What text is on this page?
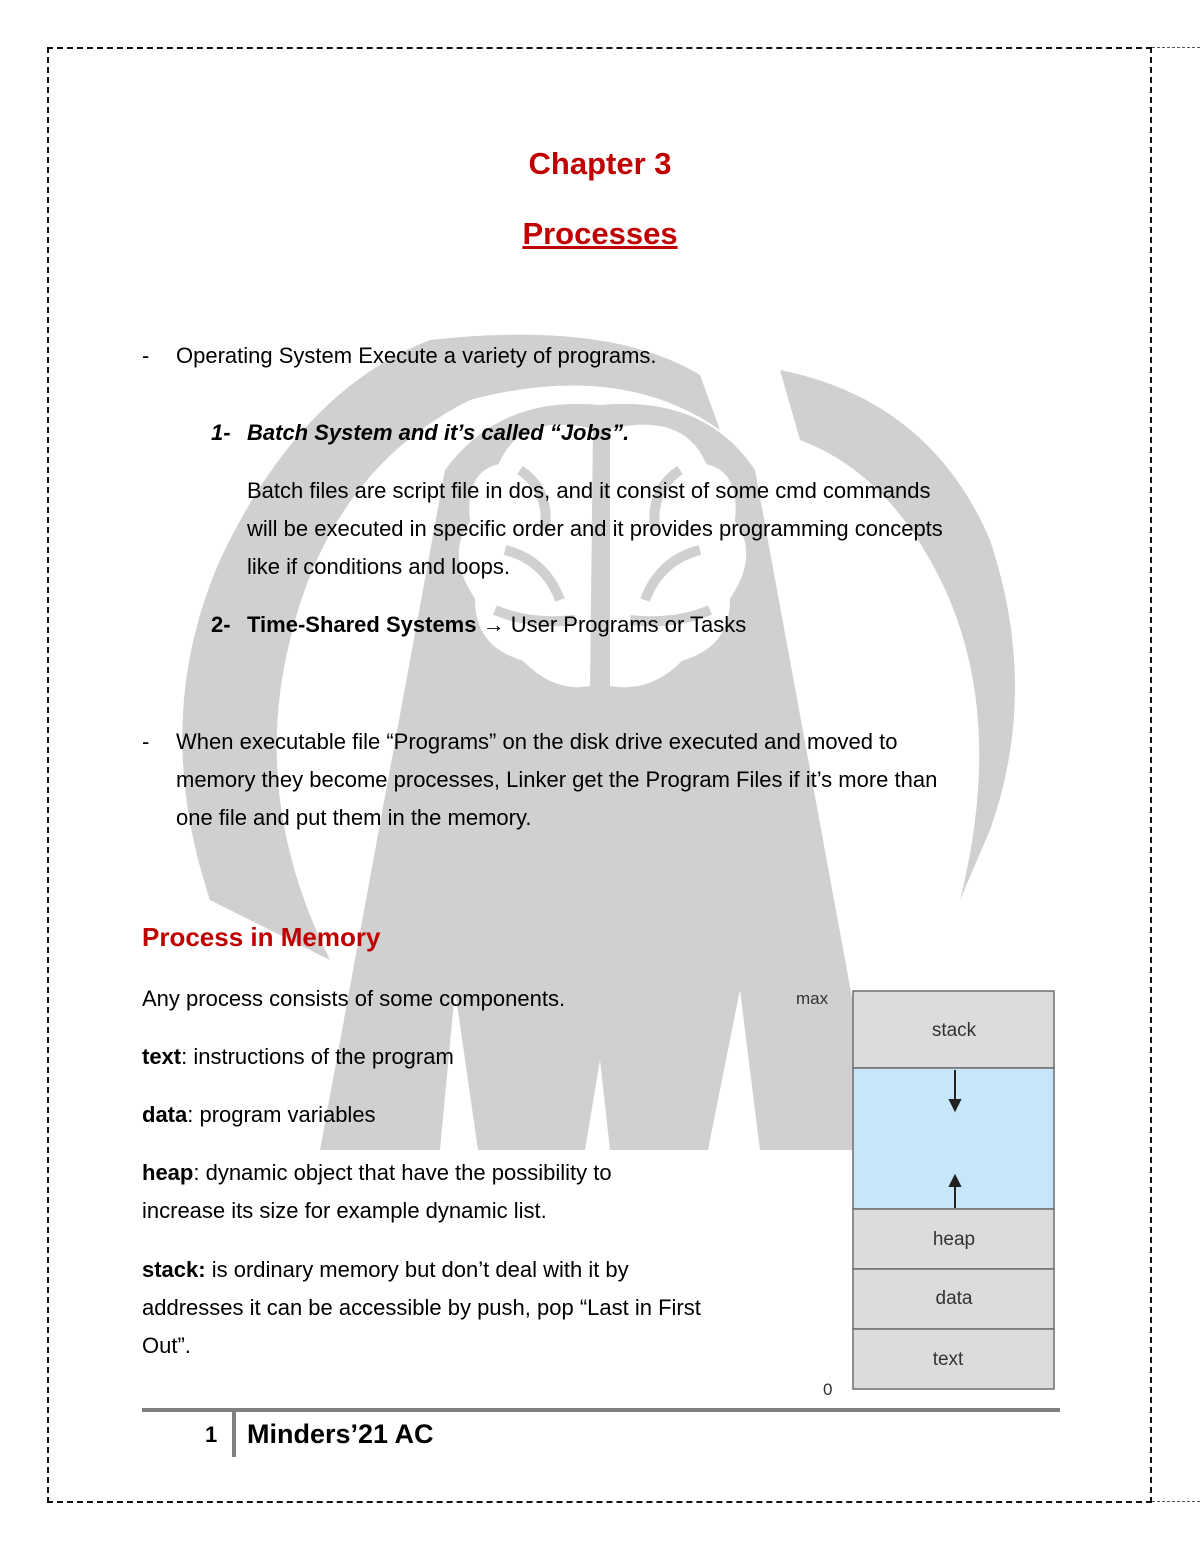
Chapter 3
Processes
- Operating System Execute a variety of programs.
1- Batch System and it’s called “Jobs”.
Batch files are script file in dos, and it consist of some cmd commands
will be executed in specific order and it provides programming concepts
like if conditions and loops.
2- Time-Shared Systems → User Programs or Tasks
- When executable file “Programs” on the disk drive executed and moved to
memory they become processes, Linker get the Program Files if it’s more than
one file and put them in the memory.
Process in Memory
Any process consists of some components.
text: instructions of the program
data: program variables
heap: dynamic object that have the possibility to
increase its size for example dynamic list.
stack: is ordinary memory but don’t deal with it by
addresses it can be accessible by push, pop “Last in First
Out”.
stack
heap
data
text
max
0
1 Minders’21 AC
